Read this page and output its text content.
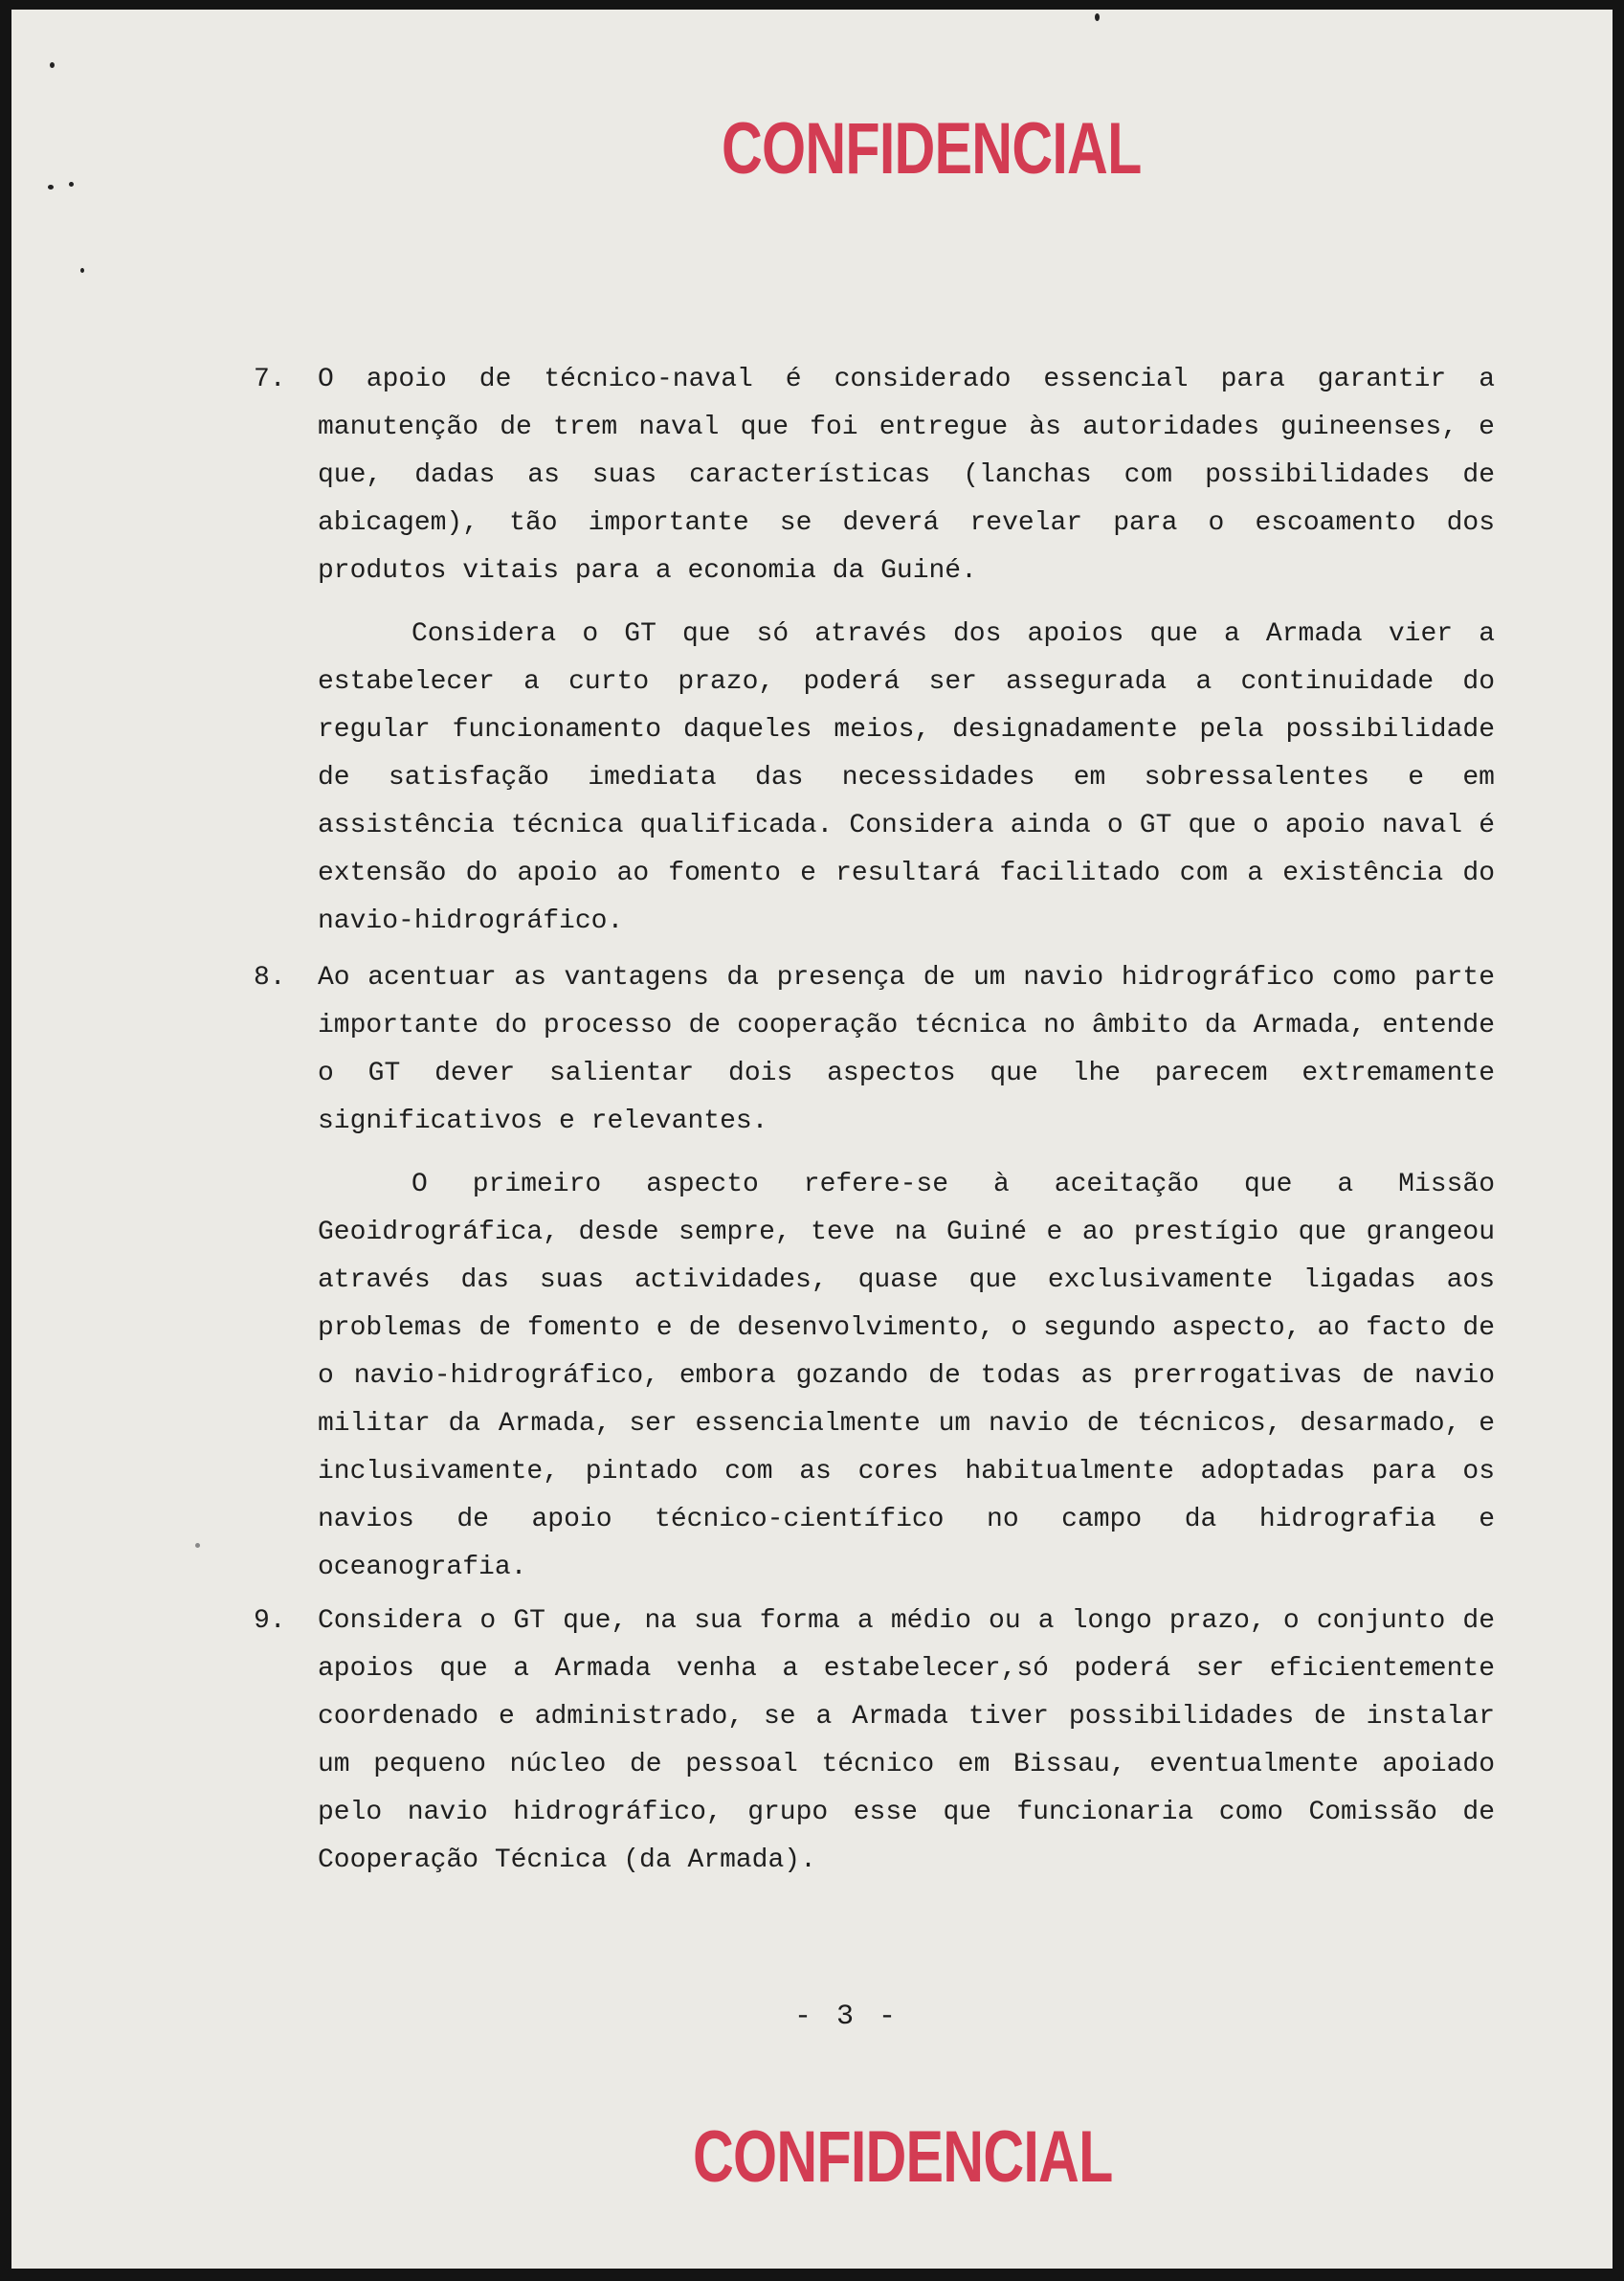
CONFIDENCIAL
7. O apoio de técnico-naval é considerado essencial para garantir a manutenção de trem naval que foi entregue às autoridades guineenses, e que, dadas as suas características (lanchas com possibilidades de abicagem), tão importante se deverá revelar para o escoamento dos produtos vitais para a economia da Guiné.

Considera o GT que só através dos apoios que a Armada vier a estabelecer a curto prazo, poderá ser assegurada a continuidade do regular funcionamento daqueles meios, designadamente pela possibilidade de satisfação imediata das necessidades em sobressalentes e em assistência técnica qualificada. Considera ainda o GT que o apoio naval é extensão do apoio ao fomento e resultará facilitado com a existência do navio-hidrográfico.

8. Ao acentuar as vantagens da presença de um navio hidrográfico como parte importante do processo de cooperação técnica no âmbito da Armada, entende o GT dever salientar dois aspectos que lhe parecem extremamente significativos e relevantes.

O primeiro aspecto refere-se à aceitação que a Missão Geoidrográfica, desde sempre, teve na Guiné e ao prestígio que grangeou através das suas actividades, quase que exclusivamente ligadas aos problemas de fomento e de desenvolvimento, o segundo aspecto, ao facto de o navio-hidrográfico, embora gozando de todas as prerrogativas de navio militar da Armada, ser essencialmente um navio de técnicos, desarmado, e inclusivamente, pintado com as cores habitualmente adoptadas para os navios de apoio técnico-científico no campo da hidrografia e oceanografia.

9. Considera o GT que, na sua forma a médio ou a longo prazo, o conjunto de apoios que a Armada venha a estabelecer,só poderá ser eficientemente coordenado e administrado, se a Armada tiver possibilidades de instalar um pequeno núcleo de pessoal técnico em Bissau, eventualmente apoiado pelo navio hidrográfico, grupo esse que funcionaria como Comissão de Cooperação Técnica (da Armada).

- 3 -
CONFIDENCIAL
